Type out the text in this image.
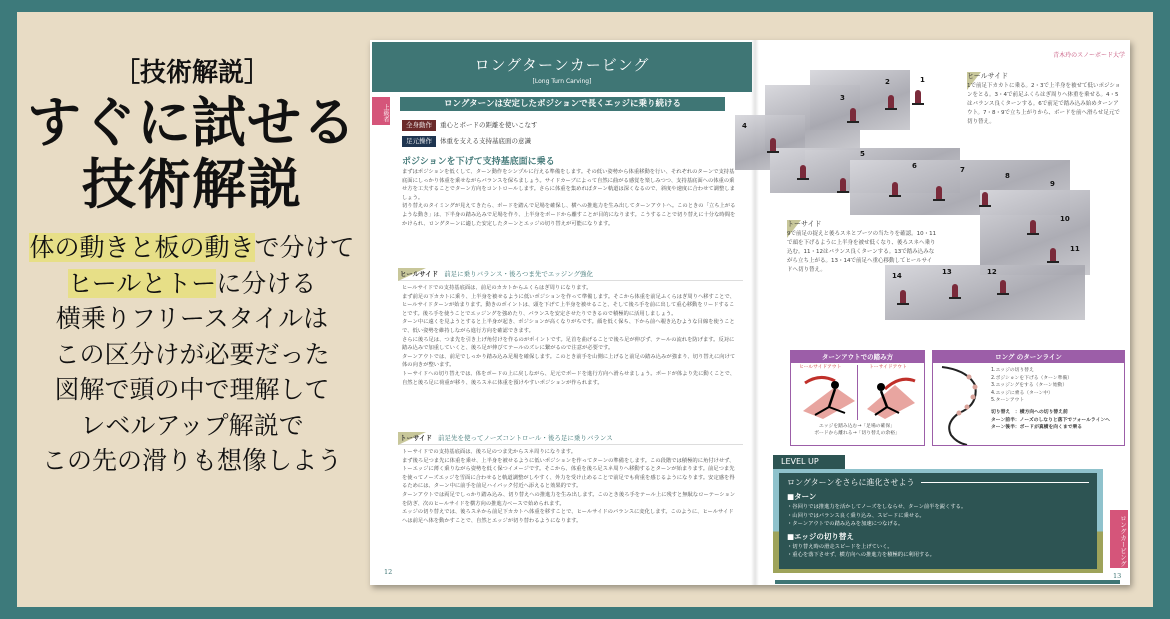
［技術解説］
すぐに試せる
技術解説
体の動きと板の動きで分けて
ヒールとトーに分ける
横乗りフリースタイルは
この区分けが必要だった
図解で頭の中で理解して
レベルアップ解説で
この先の滑りも想像しよう
ロングターンカービング
[Long Turn Carving]
上級者	ロングターンは安定したポジションで長くエッジに乗り続ける
全身動作 重心とボードの距離を使いこなす
足元操作 体重を支える支持基底面の意識
ポジションを下げて支持基底面に乗る
まずはポジションを低くして、ターン動作をシンプルに行える準備をします。その低い姿勢から体重移動を行い、それぞれのターンで支持基底面にしっかり体重を乗せながらバランスを保ちましょう。サイドカーブによって自然に曲がる感覚を楽しみつつ、支持基底面への体重の乗せ方を工夫することでターン方向をコントロールします。さらに体重を集めればターン軌道は深くなるので、斜度や速度に合わせて調整しましょう。
切り替えのタイミングが見えてきたら、ボードを踏んで足場を確保し、横への推進力を生み出してターンアウトへ。このときの「立ち上がるような動き」は、下半身の踏み込みで足場を作り、上半身をボードから離すことが目的になります。こうすることで切り替えに十分な時間をかけられ、ロングターンに適した安定したターンとエッジの切り替えが可能になります。
ヒールサイド 前足に乗りバランス・後ろつま先でエッジング強化
ヒールサイドでの支持基底面は、前足のカカトからふくらはぎ周りになります。
まず前足の下カカトに乗り、上半身を被せるように低いポジションを作って準備します。そこから体重を前足ふくらはぎ周りへ移すことで、ヒールサイドターンが始まります。動きのポイントは、頭を下げて上半身を被せること、そして後ろ手を前に出して重心移動をリードすることです。後ろ手を使うことでエッジングを強めたり、バランスを安定させたりできるので積極的に活用しましょう。
ターン中に遠くを見ようとすると上半身が起き、ポジションが高くなりがちです。顔を低く保ち、下から前へ覗き込むような目線を使うことで、低い姿勢を維持しながら進行方向を確認できます。
さらに後ろ足は、つま先を引き上げ角付けを作るのがポイントです。足首を曲げることで後ろ足が伸びず、テールの流れを防げます。反対に踏み込みで加重していくと、後ろ足が伸びてテールのズレに繋がるので注意が必要です。
ターンアウトでは、前足でしっかり踏み込み足場を確保します。このとき前手を山側に上げると前足の踏み込みが強まり、切り替えに向けて体の向きが整います。
トーサイドへの切り替えでは、体をボードの上に戻しながら、足元でボードを進行方向へ滑らせましょう。ボードが体より先に動くことで、自然と後ろ足に荷重が移り、後ろスネに体重を預けやすいポジションが作られます。
トーサイド 前足先を使ってノーズコントロール・後ろ足に乗りバランス
トーサイドでの支持基底面は、後ろ足のつま先からスネ周りになります。
まず後ろ足つま先に体重を乗せ、上半身を被せるように低いポジションを作ってターンの準備をします。この段階では積極的に角付けせず、トーエッジに薄く乗りながら姿勢を低く保つイメージです。そこから、体重を後ろ足スネ周りへ移動するとターンが始まります。前足つま先を使ってノーズエッジを雪面に合わせると軌道調整がしやすく、外力を受け止めることで前足でも荷重を感じるようになります。安定感を得るためには、ターン中に前手を前足ハイバック付近へ添えると効果的です。
ターンアウトでは両足でしっかり踏み込み、切り替えへの推進力を生み出します。このとき後ろ手をテール上に残すと無駄なローテーションを防ぎ、次のヒールサイドを横方向の推進力ベースで始められます。
エッジの切り替えでは、後ろスネから前足下カカトへ体重を移すことで、ヒールサイドのバランスに変化します。このように、ヒールサイドへは前足へ体を動かすことで、自然とエッジが切り替わるようになります。
12
青木玲のスノーボード大学
1
2
3
4
5
6	7
8
9
10
11
12
13
14
ヒールサイド
1で前足下カカトに乗る。2・3で上半身を被せて低いポジションをとる。3・4で前足ふくらはぎ周りへ体重を乗せる。4・5はバランス良くターンする。6で前足で踏み込み始めターンアウト。7・8・9で立ち上がりから、ボードを前へ滑らせ足元で切り替え。
トーサイド
9で前足の捉えと後ろスネとブーツの当たりを確認。10・11で頭を下げるように上半身を被せ低くなり、後ろスネへ乗り込む。11・12はバランス良くターンする。13で踏み込みながら立ち上がる。13・14で前足へ重心移動してヒールサイドへ切り替え。
ターンアウトでの踏み方
ヒールサイドアウト	トーサイドアウト
エッジを踏み込む→「足場の確保」
ボードから離れる→「切り替えの余裕」
ロング のターンライン
1.エッジの切り替え
2.ポジションを下げる（ターン準備）
3.エッジングをする（ターン始動）
4.エッジに乗る（ターン中）
5.ターンアウト
切り替え　：横方向への切り替え前
ターン前半：ノーズのしなりと落下でフォールラインへ
ターン後半：ボードが真横を向くまで乗る
LEVEL UP
ロングターンをさらに進化させよう
■ターン
・谷回りでは推進力を活かしてノーズをしならせ、ターン前半を鋭くする。
・山回りではバランス良く乗り込み、スピードに乗せる。
・ターンアウトでの踏み込みを加速につなげる。
■エッジの切り替え
・切り替え時の滑走スピードを上げていく。
・重心を落下させず、横方向への推進力を積極的に利用する。	ロングカービング
13
